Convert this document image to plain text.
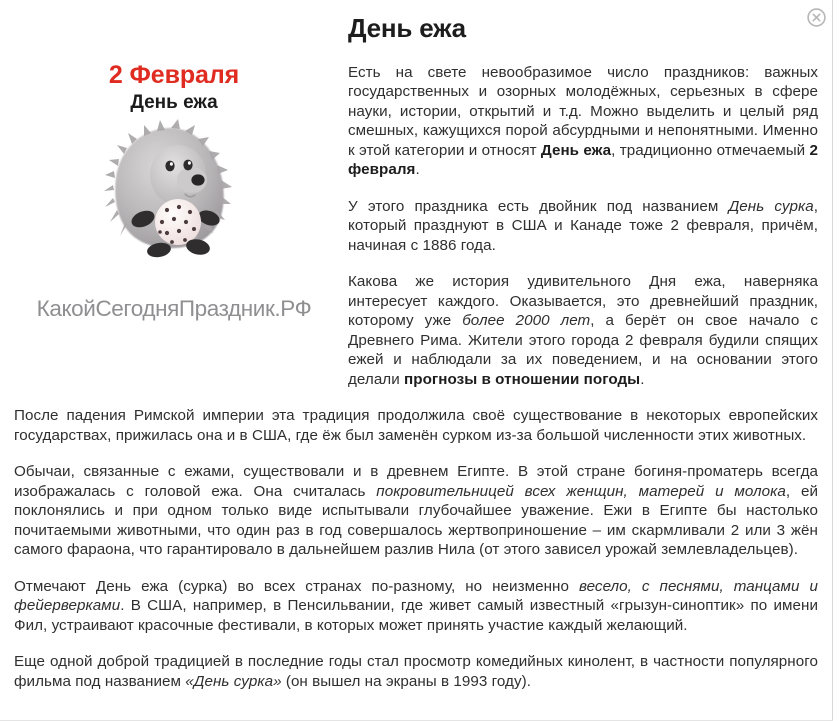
2 Февраля
День ежа
КакойСегодняПраздник.РФ
День ежа

Есть на свете невообразимое число праздников: важных государственных и озорных молодёжных, серьезных в сфере науки, истории, открытий и т.д. Можно выделить и целый ряд смешных, кажущихся порой абсурдными и непонятными. Именно к этой категории и относят День ежа, традиционно отмечаемый 2 февраля.

У этого праздника есть двойник под названием День сурка, который празднуют в США и Канаде тоже 2 февраля, причём, начиная с 1886 года.

Какова же история удивительного Дня ежа, наверняка интересует каждого. Оказывается, это древнейший праздник, которому уже более 2000 лет, а берёт он свое начало с Древнего Рима. Жители этого города 2 февраля будили спящих ежей и наблюдали за их поведением, и на основании этого делали прогнозы в отношении погоды.

После падения Римской империи эта традиция продолжила своё существование в некоторых европейских государствах, прижилась она и в США, где ёж был заменён сурком из-за большой численности этих животных.

Обычаи, связанные с ежами, существовали и в древнем Египте. В этой стране богиня-проматерь всегда изображалась с головой ежа. Она считалась покровительницей всех женщин, матерей и молока, ей поклонялись и при одном только виде испытывали глубочайшее уважение. Ежи в Египте бы настолько почитаемыми животными, что один раз в год совершалось жертвоприношение – им скармливали 2 или 3 жён самого фараона, что гарантировало в дальнейшем разлив Нила (от этого зависел урожай землевладельцев).

Отмечают День ежа (сурка) во всех странах по-разному, но неизменно весело, с песнями, танцами и фейерверками. В США, например, в Пенсильвании, где живет самый известный «грызун-синоптик» по имени Фил, устраивают красочные фестивали, в которых может принять участие каждый желающий.

Еще одной доброй традицией в последние годы стал просмотр комедийных кинолент, в частности популярного фильма под названием «День сурка» (он вышел на экраны в 1993 году).
